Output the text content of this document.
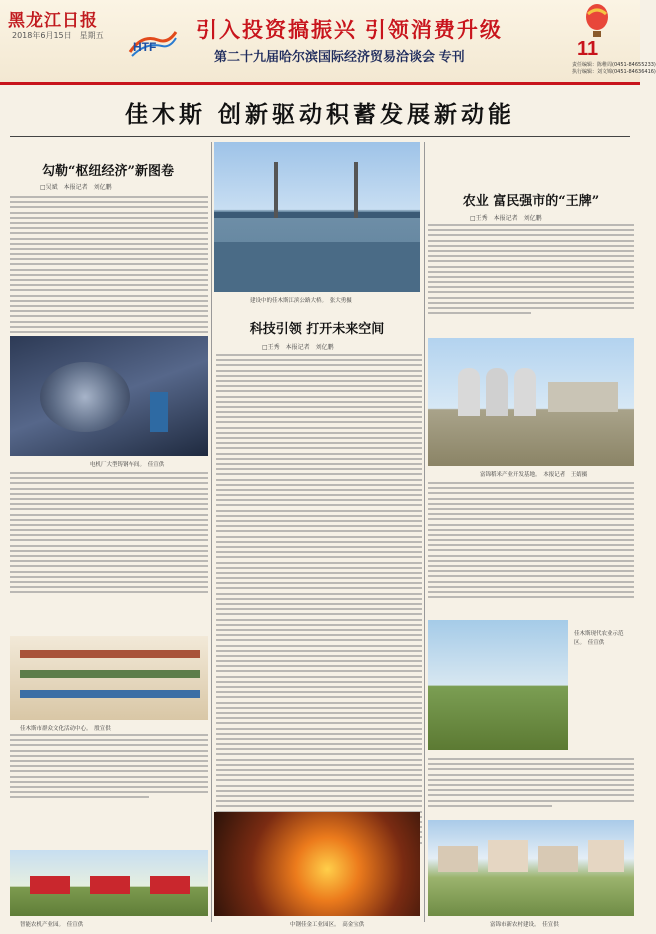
黑龙江日报
2018年6月15日　星期五
HTF
引入投资搞振兴 引领消费升级
第二十九届哈尔滨国际经济贸易洽谈会 专刊	11
责任编辑：陈稚周(0451-84655233)
执行编辑：刘文锦(0451-84636416)
佳木斯 创新驱动积蓄发展新动能
勾勒“枢纽经济”新图卷
□吴斌　本报记者　刘亿鹏
建设中的佳木斯江滨公路大桥。　张大勇摄
农业 富民强市的“王牌”
□王秀　本报记者　刘亿鹏
富锦稻米产业开发基地。　本报记者　王婧摄
电机厂大型铸钢车间。　佳宣供
佳木斯市群众文化活动中心。　殷宣供
智能农机产业园。　佳宣供
科技引领 打开未来空间
□王秀　本报记者　刘亿鹏
中钢佳金工业园区。　高金宝供
佳木斯现代农业示范区。　佳宣供
富锦市新农村建设。　佳宣供
